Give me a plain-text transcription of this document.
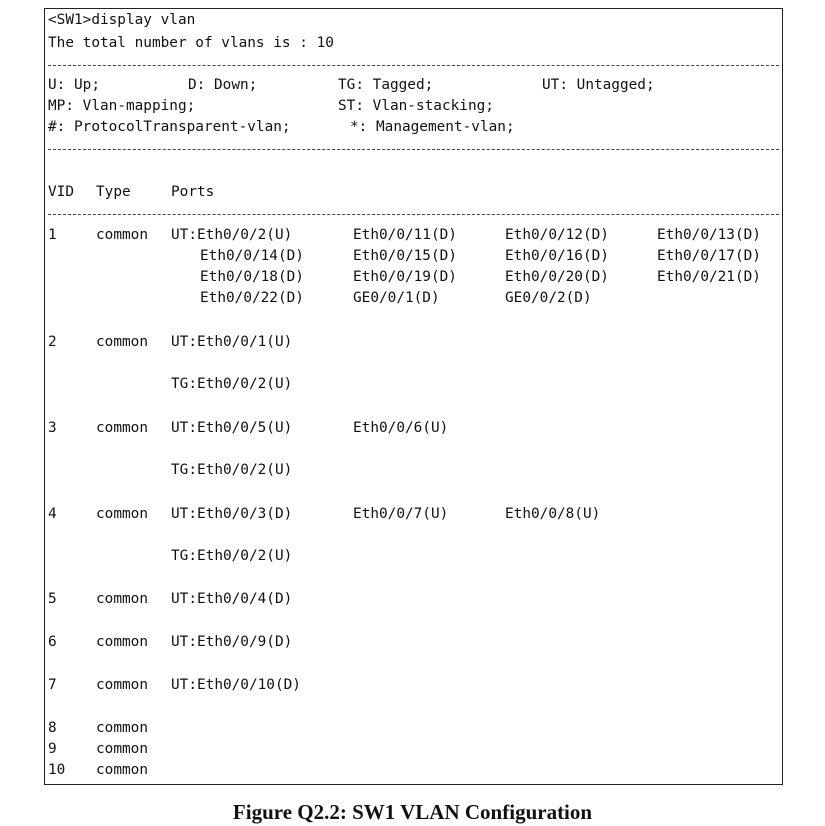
<SW1>display vlan
The total number of vlans is : 10
U: Up;	D: Down;	TG: Tagged;	UT: Untagged;
MP: Vlan-mapping;	ST: Vlan-stacking;
#: ProtocolTransparent-vlan;	*: Management-vlan;
VID Type	Ports
1	common UT:Eth0/0/2(U)	Eth0/0/11(D)	Eth0/0/12(D)	Eth0/0/13(D)
Eth0/0/14(D)	Eth0/0/15(D)	Eth0/0/16(D)	Eth0/0/17(D)
Eth0/0/18(D)	Eth0/0/19(D)	Eth0/0/20(D)	Eth0/0/21(D)
Eth0/0/22(D)	GE0/0/1(D)	GE0/0/2(D)
2	common UT:Eth0/0/1(U)
TG:Eth0/0/2(U)
3	common UT:Eth0/0/5(U)	Eth0/0/6(U)
TG:Eth0/0/2(U)
4	common UT:Eth0/0/3(D)	Eth0/0/7(U)	Eth0/0/8(U)
TG:Eth0/0/2(U)
5	common UT:Eth0/0/4(D)
6	common UT:Eth0/0/9(D)
7	common UT:Eth0/0/10(D)
8	common
9	common
10 common
Figure Q2.2: SW1 VLAN Configuration
